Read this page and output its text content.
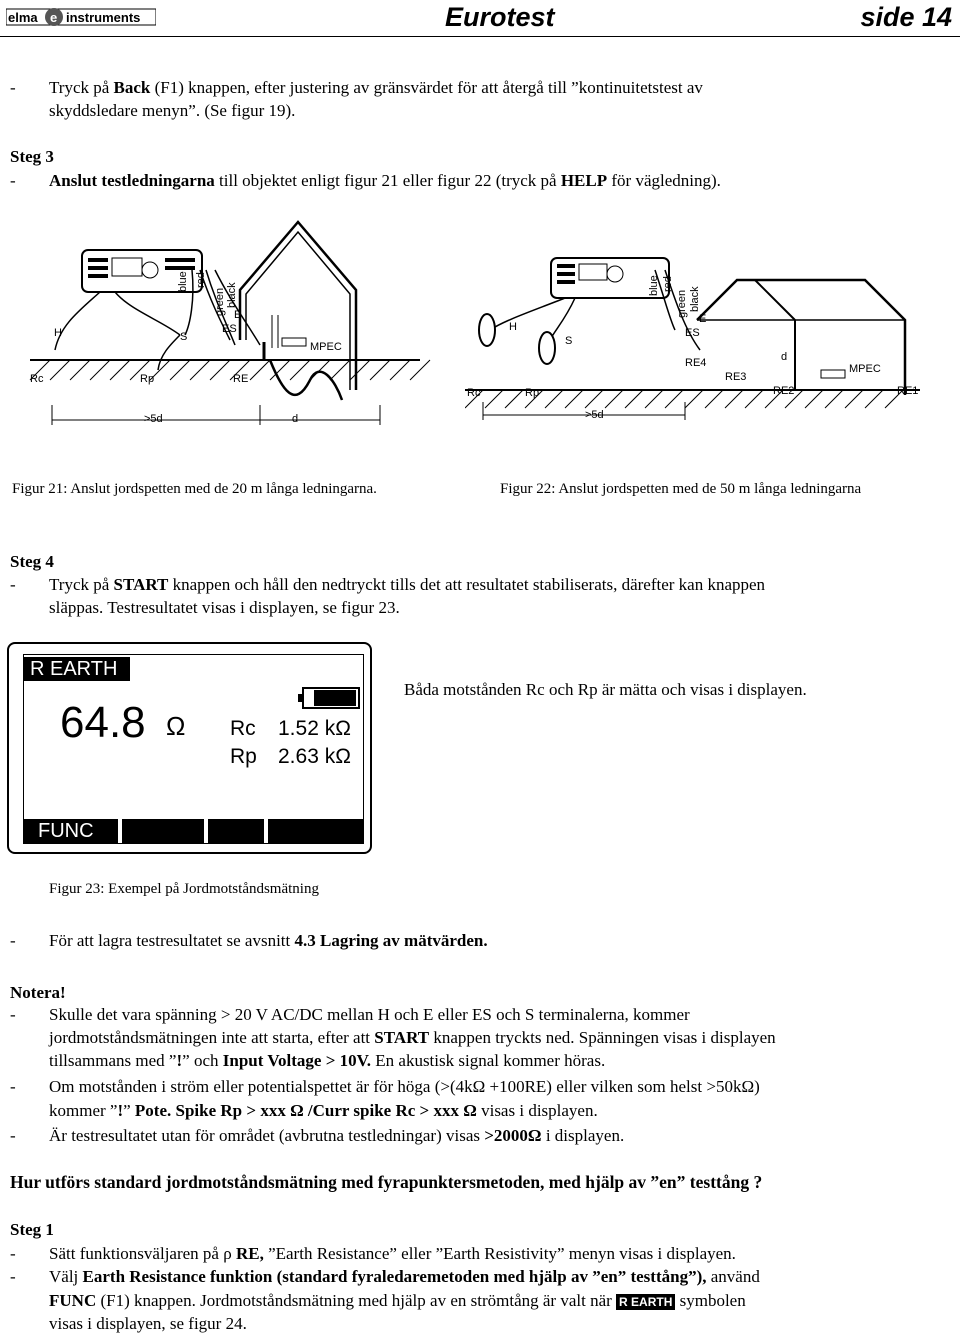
elma e instruments	Eurotest	side 14
- Tryck på Back (F1) knappen, efter justering av gränsvärdet för att återgå till ”kontinuitetstest av
skyddsledare menyn”. (Se figur 19).
Steg 3
- Anslut testledningarna till objektet enligt figur 21 eller figur 22 (tryck på HELP för vägledning).
blue red
green black
E
H	S
ES
MPEC
Rc	Rp	RE
>5d	d
blue red
green black
E
ES
H
S
RE4
RE3
d
MPEC
Rc	Rp	RE2	RE1
>5d
Figur 21: Anslut jordspetten med de 20 m långa ledningarna.	Figur 22: Anslut jordspetten med de 50 m långa ledningarna
Steg 4
- Tryck på START knappen och håll den nedtryckt tills det att resultatet stabiliserats, därefter kan knappen
släppas. Testresultatet visas i displayen, se figur 23.
R EARTH
64.8 Ω Rc 1.52 kΩ
Rp 2.63 kΩ
FUNC
Båda motstånden Rc och Rp är mätta och visas i displayen.
Figur 23: Exempel på Jordmotståndsmätning
- För att lagra testresultatet se avsnitt 4.3 Lagring av mätvärden.
Notera!
- Skulle det vara spänning > 20 V AC/DC mellan H och E eller ES och S terminalerna, kommer
jordmotståndsmätningen inte att starta, efter att START knappen tryckts ned. Spänningen visas i displayen
tillsammans med ”!” och Input Voltage > 10V. En akustisk signal kommer höras.
- Om motstånden i ström eller potentialspettet är för höga (>(4kΩ +100RE) eller vilken som helst >50kΩ)
kommer ”!” Pote. Spike Rp > xxx Ω /Curr spike Rc > xxx Ω visas i displayen.
- Är testresultatet utan för området (avbrutna testledningar) visas >2000Ω i displayen.
Hur utförs standard jordmotståndsmätning med fyrapunktersmetoden, med hjälp av ”en” testtång ?
Steg 1
- Sätt funktionsväljaren på ρ RE, ”Earth Resistance” eller ”Earth Resistivity” menyn visas i displayen.
- Välj Earth Resistance funktion (standard fyraledaremetoden med hjälp av ”en” testtång”), använd
FUNC (F1) knappen. Jordmotståndsmätning med hjälp av en strömtång är valt när R EARTH symbolen
visas i displayen, se figur 24.
